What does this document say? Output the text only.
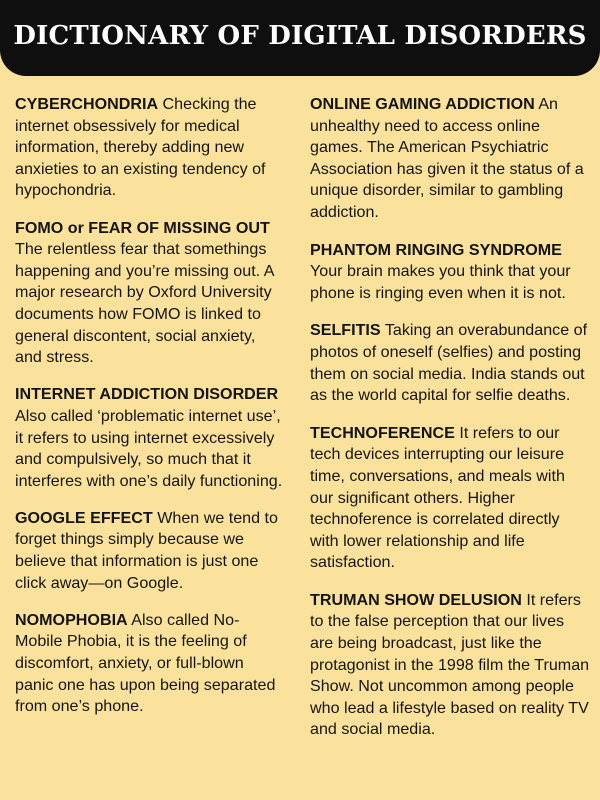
DICTIONARY OF DIGITAL DISORDERS

CYBERCHONDRIA Checking the internet obsessively for medical information, thereby adding new anxieties to an existing tendency of hypochondria.

FOMO or FEAR OF MISSING OUT The relentless fear that somethings happening and you’re missing out. A major research by Oxford University documents how FOMO is linked to general discontent, social anxiety, and stress.

INTERNET ADDICTION DISORDER Also called ‘problematic internet use’, it refers to using internet excessively and compulsively, so much that it interferes with one’s daily functioning.

GOOGLE EFFECT When we tend to forget things simply because we believe that information is just one click away—on Google.

NOMOPHOBIA Also called No-Mobile Phobia, it is the feeling of discomfort, anxiety, or full-blown panic one has upon being separated from one’s phone.

ONLINE GAMING ADDICTION An unhealthy need to access online games. The American Psychiatric Association has given it the status of a unique disorder, similar to gambling addiction.

PHANTOM RINGING SYNDROME Your brain makes you think that your phone is ringing even when it is not.

SELFITIS Taking an overabundance of photos of oneself (selfies) and posting them on social media. India stands out as the world capital for selfie deaths.

TECHNOFERENCE It refers to our tech devices interrupting our leisure time, conversations, and meals with our significant others. Higher technoference is correlated directly with lower relationship and life satisfaction.

TRUMAN SHOW DELUSION It refers to the false perception that our lives are being broadcast, just like the protagonist in the 1998 film the Truman Show. Not uncommon among people who lead a lifestyle based on reality TV and social media.
